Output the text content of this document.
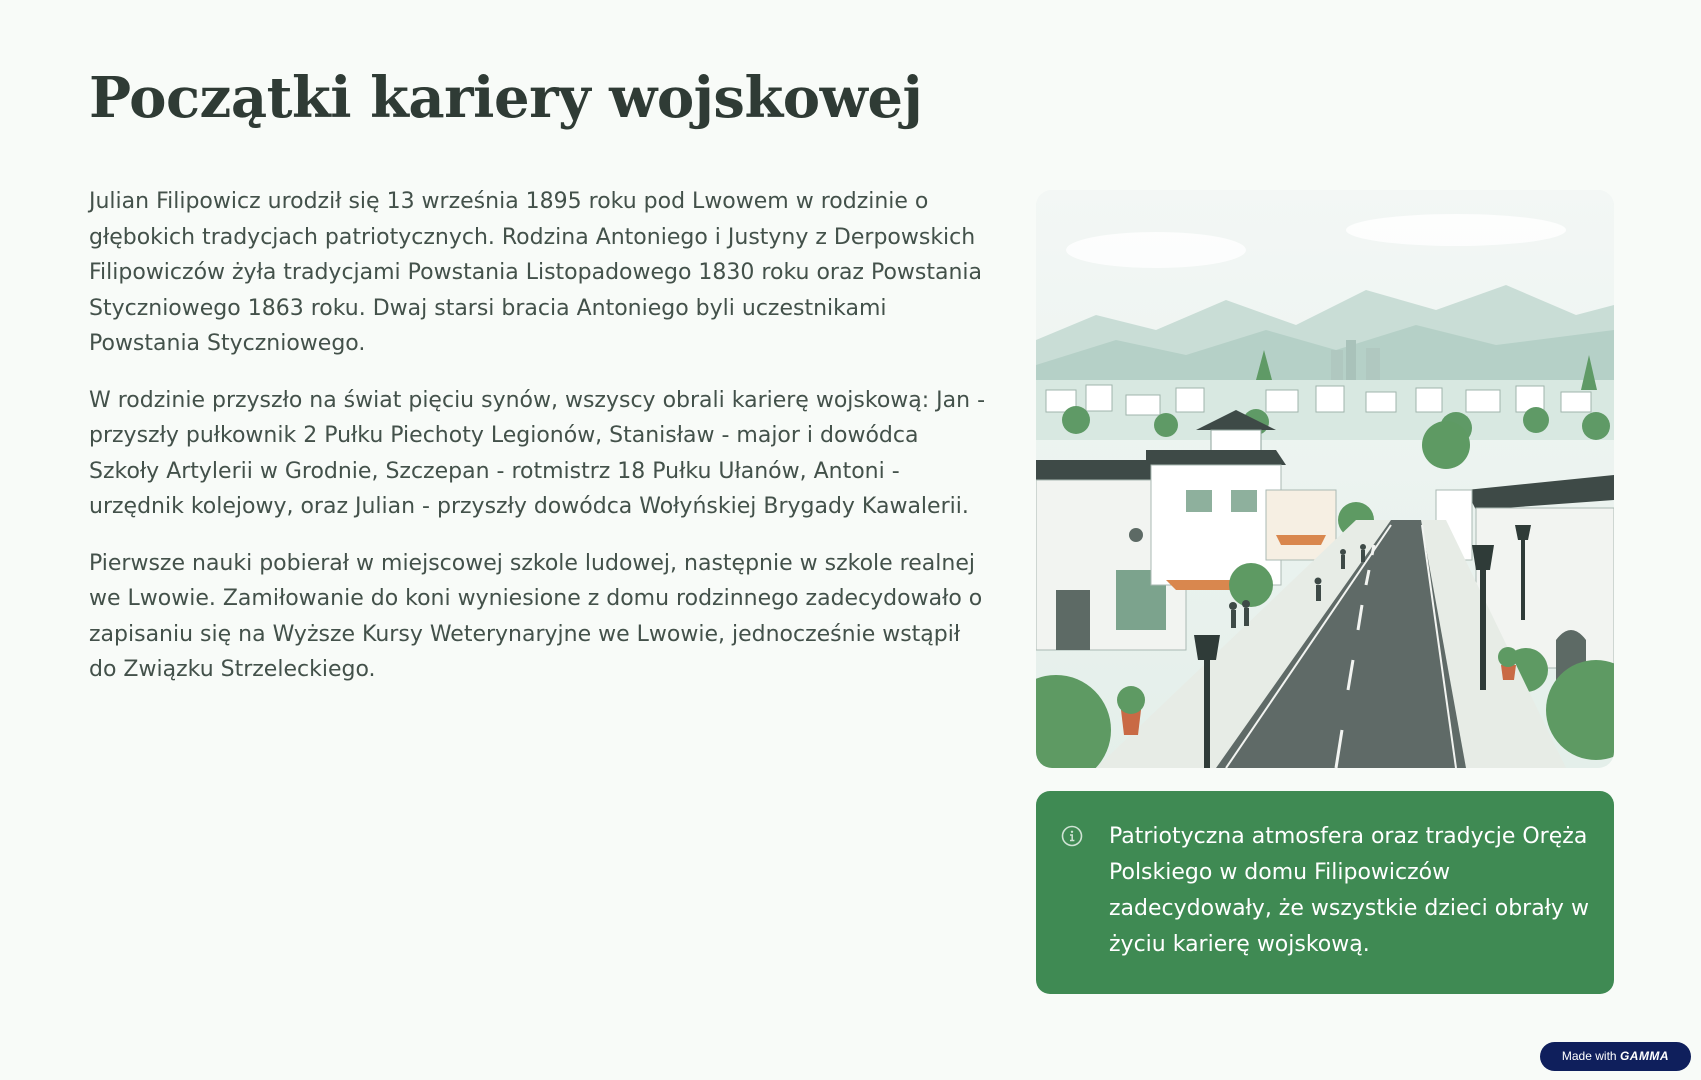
Początki kariery wojskowej

Julian Filipowicz urodził się 13 września 1895 roku pod Lwowem w rodzinie o głębokich tradycjach patriotycznych. Rodzina Antoniego i Justyny z Derpowskich Filipowiczów żyła tradycjami Powstania Listopadowego 1830 roku oraz Powstania Styczniowego 1863 roku. Dwaj starsi bracia Antoniego byli uczestnikami Powstania Styczniowego.

W rodzinie przyszło na świat pięciu synów, wszyscy obrali karierę wojskową: Jan - przyszły pułkownik 2 Pułku Piechoty Legionów, Stanisław - major i dowódca Szkoły Artylerii w Grodnie, Szczepan - rotmistrz 18 Pułku Ułanów, Antoni - urzędnik kolejowy, oraz Julian - przyszły dowódca Wołyńskiej Brygady Kawalerii.

Pierwsze nauki pobierał w miejscowej szkole ludowej, następnie w szkole realnej we Lwowie. Zamiłowanie do koni wyniesione z domu rodzinnego zadecydowało o zapisaniu się na Wyższe Kursy Weterynaryjne we Lwowie, jednocześnie wstąpił do Związku Strzeleckiego.

Patriotyczna atmosfera oraz tradycje Oręża Polskiego w domu Filipowiczów zadecydowały, że wszystkie dzieci obrały w życiu karierę wojskową.

Made with GAMMA
